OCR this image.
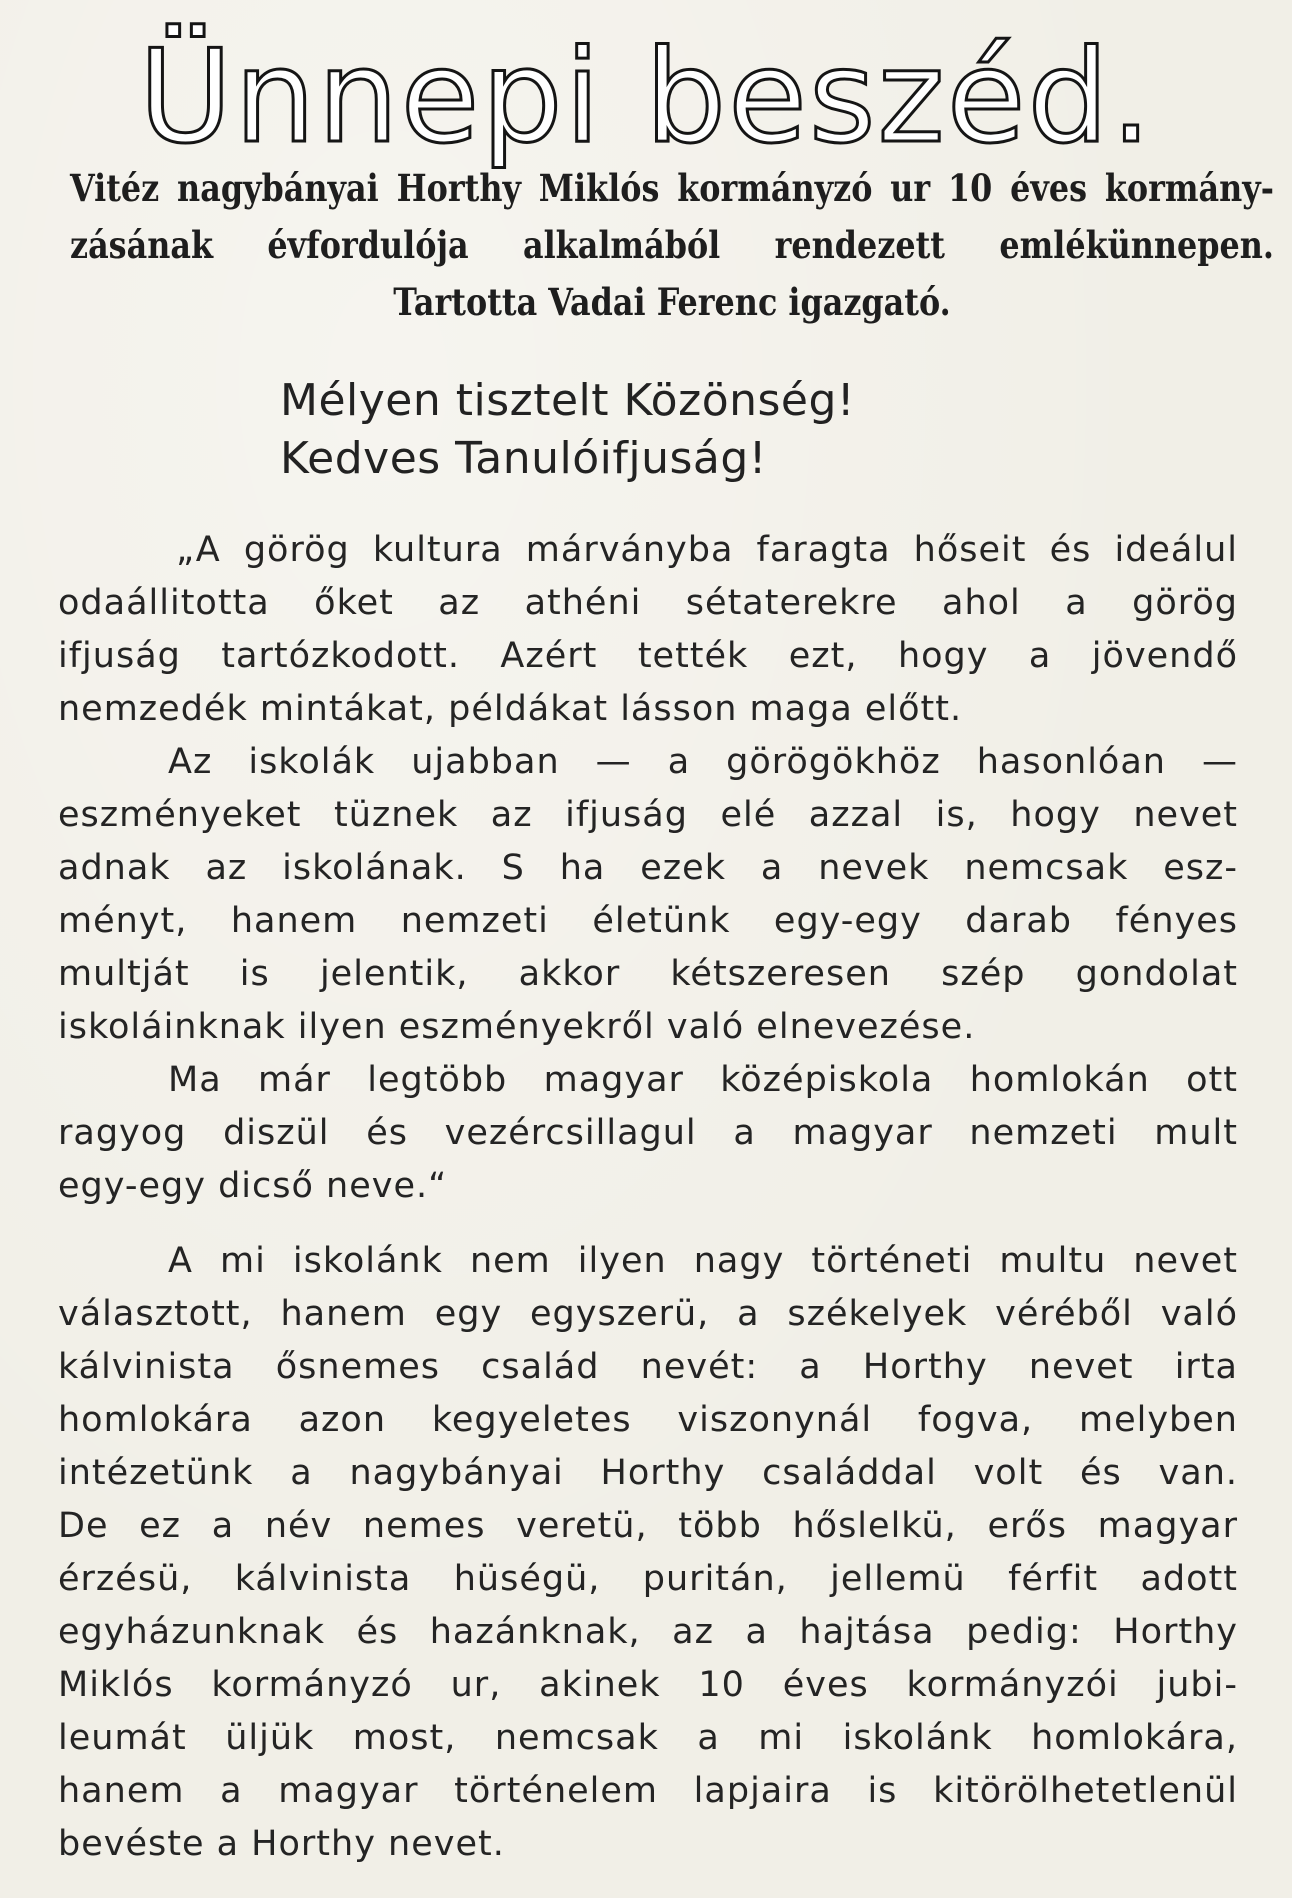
Ünnepi beszéd.
Vitéz nagybányai Horthy Miklós kormányzó ur 10 éves kormány-
zásának évfordulója alkalmából rendezett emlékünnepen.
Tartotta Vadai Ferenc igazgató.
Mélyen tisztelt Közönség!
Kedves Tanulóifjuság!
„A görög kultura márványba faragta hőseit és ideálul
odaállitotta őket az athéni sétaterekre ahol a görög
ifjuság tartózkodott. Azért tették ezt, hogy a jövendő
nemzedék mintákat, példákat lásson maga előtt.
Az iskolák ujabban — a görögökhöz hasonlóan —
eszményeket tüznek az ifjuság elé azzal is, hogy nevet
adnak az iskolának. S ha ezek a nevek nemcsak esz-
ményt, hanem nemzeti életünk egy-egy darab fényes
multját is jelentik, akkor kétszeresen szép gondolat
iskoláinknak ilyen eszményekről való elnevezése.
Ma már legtöbb magyar középiskola homlokán ott
ragyog diszül és vezércsillagul a magyar nemzeti mult
egy-egy dicső neve.“
A mi iskolánk nem ilyen nagy történeti multu nevet
választott, hanem egy egyszerü, a székelyek véréből való
kálvinista ősnemes család nevét: a Horthy nevet irta
homlokára azon kegyeletes viszonynál fogva, melyben
intézetünk a nagybányai Horthy családdal volt és van.
De ez a név nemes veretü, több hőslelkü, erős magyar
érzésü, kálvinista hüségü, puritán, jellemü férfit adott
egyházunknak és hazánknak, az a hajtása pedig: Horthy
Miklós kormányzó ur, akinek 10 éves kormányzói jubi-
leumát üljük most, nemcsak a mi iskolánk homlokára,
hanem a magyar történelem lapjaira is kitörölhetetlenül
bevéste a Horthy nevet.
